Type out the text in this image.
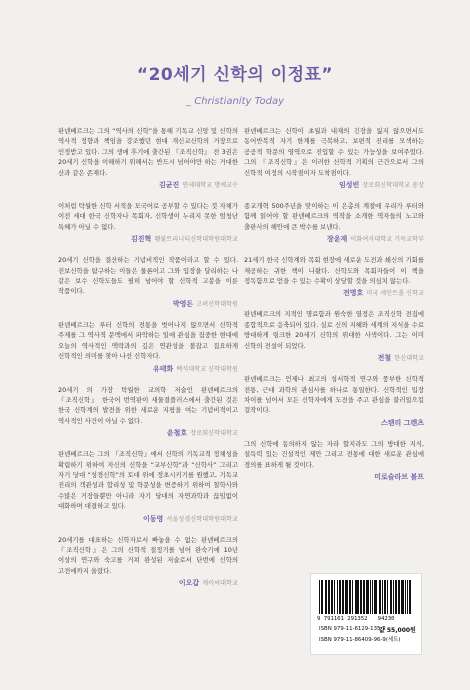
“20세기 신학의 이정표”
_ Christianity Today
판넨베르크는 그의 “역사의 신학”을 통해 기독교 신앙 및 신학의 역사적 정향과 책임을 강조했던 현대 개신교신학의 거장으로 인정받고 있다. 그의 생애 후기에 출간된 『조직신학』 전 3권은 20세기 신학을 이해하기 위해서는 반드시 넘어야만 하는 거대한 산과 같은 존재다.
김균진 연세대학교 명예교수
이처럼 탁월한 신학 서적을 모국어로 공부할 수 있다는 것 자체가 이전 세대 한국 신학자나 목회자, 신학생이 누리지 못한 엄청난 특혜가 아닐 수 없다.
김진혁 횃불트리니티신학대학원대학교
20세기 신학을 결산하는 기념비적인 작품이라고 할 수 있다. 진보신학을 탐구하는 이들은 물론이고 그와 입장을 달리하는 나 같은 보수 신학도들도 필히 넘어야 할 신학적 고봉을 이룬 작품이다.
박영돈 고려신학대학원
판넨베르크는 루터 신학의 전통을 벗어나지 않으면서 신학적 주제를 그 역사적 문맥에서 파악하는 일에 관심을 집중한 현대에 오늘의 역사적인 맥락과의 깊은 연관성을 볼잡고 집요하게 신학적인 의미를 찾아 나선 신학자다.
유태화 백석대학교 신학대학원
20세기 의 가장 탁월한 교의학 저술인 판넨베르크의 『조직신학』 한국어 번역판이 새물결플러스에서 출간된 것은 한국 신학계의 발전을 위한 새로운 지평을 여는 기념비적이고 역사적인 사건이 아닐 수 없다.
윤철호 장로회신학대학교
판넨베르크는 그의 『조직신학』에서 신학의 기독교적 정체성을 확립하기 위하여 자신의 신학을 “교부신학”과 “신학사” 그리고 자기 당대 “성경신학”의 토대 위에 정초시키기를 원했고, 기독교 진리의 객관성과 합리성 및 학문성을 변증하기 위하여 철학사와 수많은 거장들뿐만 아니라 자기 당대의 자연과학과 끊임없이 대화하며 대결하고 있다.
이동영 서울성경신학대학원대학교
20세기를 대표하는 신학자로서 빠놓을 수 없는 판넨베르크의 『조직신학』은 그의 신학적 절정기를 넘어 완숙기에 10년 이상의 연구와 숙고를 거쳐 완성된 저술로서 단번에 신학의 고전에까지 올랐다.
이오갑 케이씨대학교
판넨베르크는 신학이 초월과 내재의 긴장을 잃지 않으면서도 동어반복적 자기 한계를 극복하고, 보편적 진리를 모색하는 공공적 학문의 영역으로 진입할 수 있는 가능성을 보여주었다. 그의 『조직신학』은 이러한 신학적 기획의 근간으로서 그의 신학적 여정의 시작점이자 도착점이다.
임성빈 장로회신학대학교 총장
종교개혁 500주년을 맞이하는 이 은총의 계절에 우리가 루터와 함께 읽어야 할 판넨베르크의 역작을 소개한 역자들의 노고와 출판사의 헤안에 큰 박수를 보낸다.
장윤재 이화여자대학교 기독교학부
21세기 한국 신학계와 목회 현장에 새로운 도전과 쇄신의 기회를 제공하는 귀한 책이 나왔다. 신학도와 목회자들이 이 책을 정독함으로 얻을 수 있는 수확이 상당할 것을 의심치 않는다.
전명호 미국 세인트폴 신학교
판넨베르크의 지적인 명료함과 원숙한 열정은 조직신학 전집에 종합적으로 응축되어 있다. 실로 신의 지혜와 세계의 지식을 수로 방대하게 링크한 20세기 신학의 위대한 사색이다. 그는 이미 신학의 전설이 되었다.
전철 한신대학교
판넨베르크는 언제나 최고의 성서학적 연구와 풍부한 신학적 전통, 근대 과학의 관심사를 하나로 통일한다. 신학적인 입장 차이를 넘어서 모든 신학자에게 도전을 주고 관심을 불러일으킬 걸작이다.
스탠리 그렌츠
그의 신학에 동의하지 않는 자라 할지라도 그의 방대한 지식, 설득력 있는 건설적인 제안 그리고 전통에 대한 새로운 관심에 경의를 표하게 될 것이다.
미로슬라브 볼프
9 791161 291352 94230
ISBN 979-11-6129-135-2
값 55,000원
ISBN 979-11-86409-96-9(세트)
